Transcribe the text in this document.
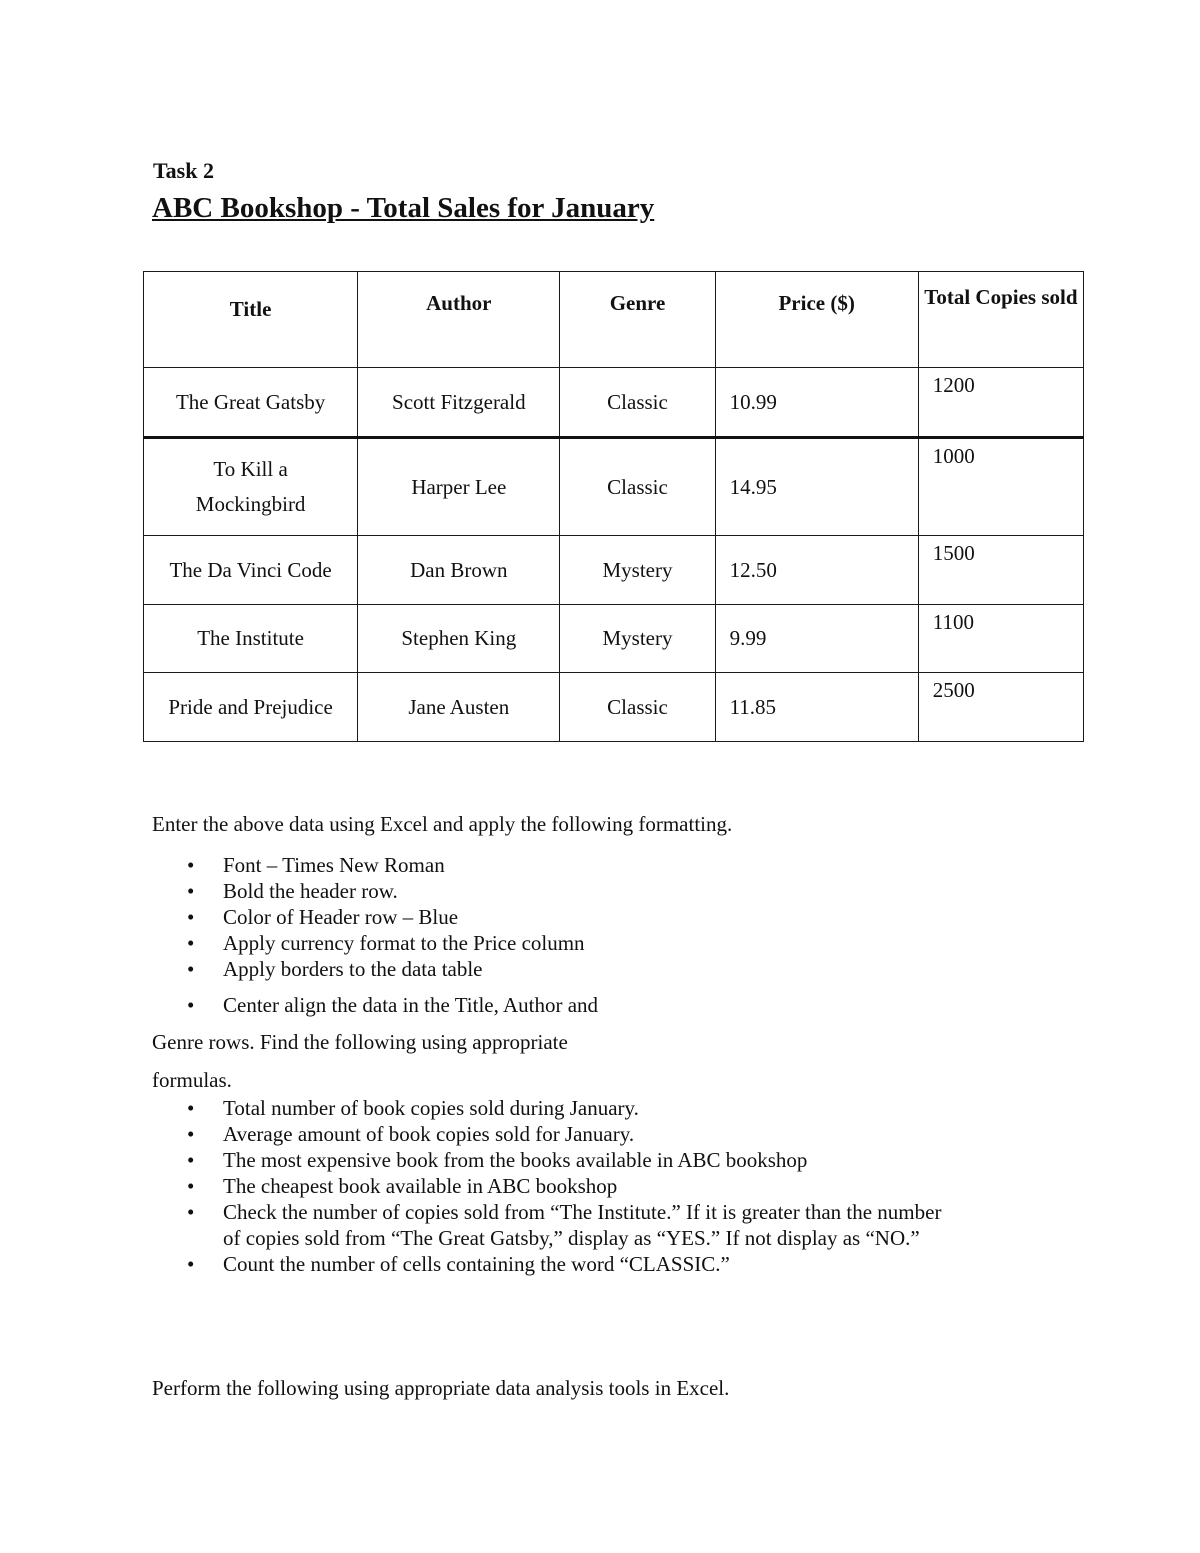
Task 2
ABC Bookshop - Total Sales for January
Title	Author	Genre	Price ($)	Total Copies sold
The Great Gatsby	Scott Fitzgerald	Classic	10.99	1200
To Kill a Mockingbird	Harper Lee	Classic	14.95	1000
The Da Vinci Code	Dan Brown	Mystery	12.50	1500
The Institute	Stephen King	Mystery	9.99	1100
Pride and Prejudice	Jane Austen	Classic	11.85	2500

Enter the above data using Excel and apply the following formatting.

• Font – Times New Roman
• Bold the header row.
• Color of Header row – Blue
• Apply currency format to the Price column
• Apply borders to the data table
• Center align the data in the Title, Author and

Genre rows. Find the following using appropriate

formulas.

• Total number of book copies sold during January.
• Average amount of book copies sold for January.
• The most expensive book from the books available in ABC bookshop
• The cheapest book available in ABC bookshop
• Check the number of copies sold from “The Institute.” If it is greater than the number of copies sold from “The Great Gatsby,” display as “YES.” If not display as “NO.”
• Count the number of cells containing the word “CLASSIC.”

Perform the following using appropriate data analysis tools in Excel.
